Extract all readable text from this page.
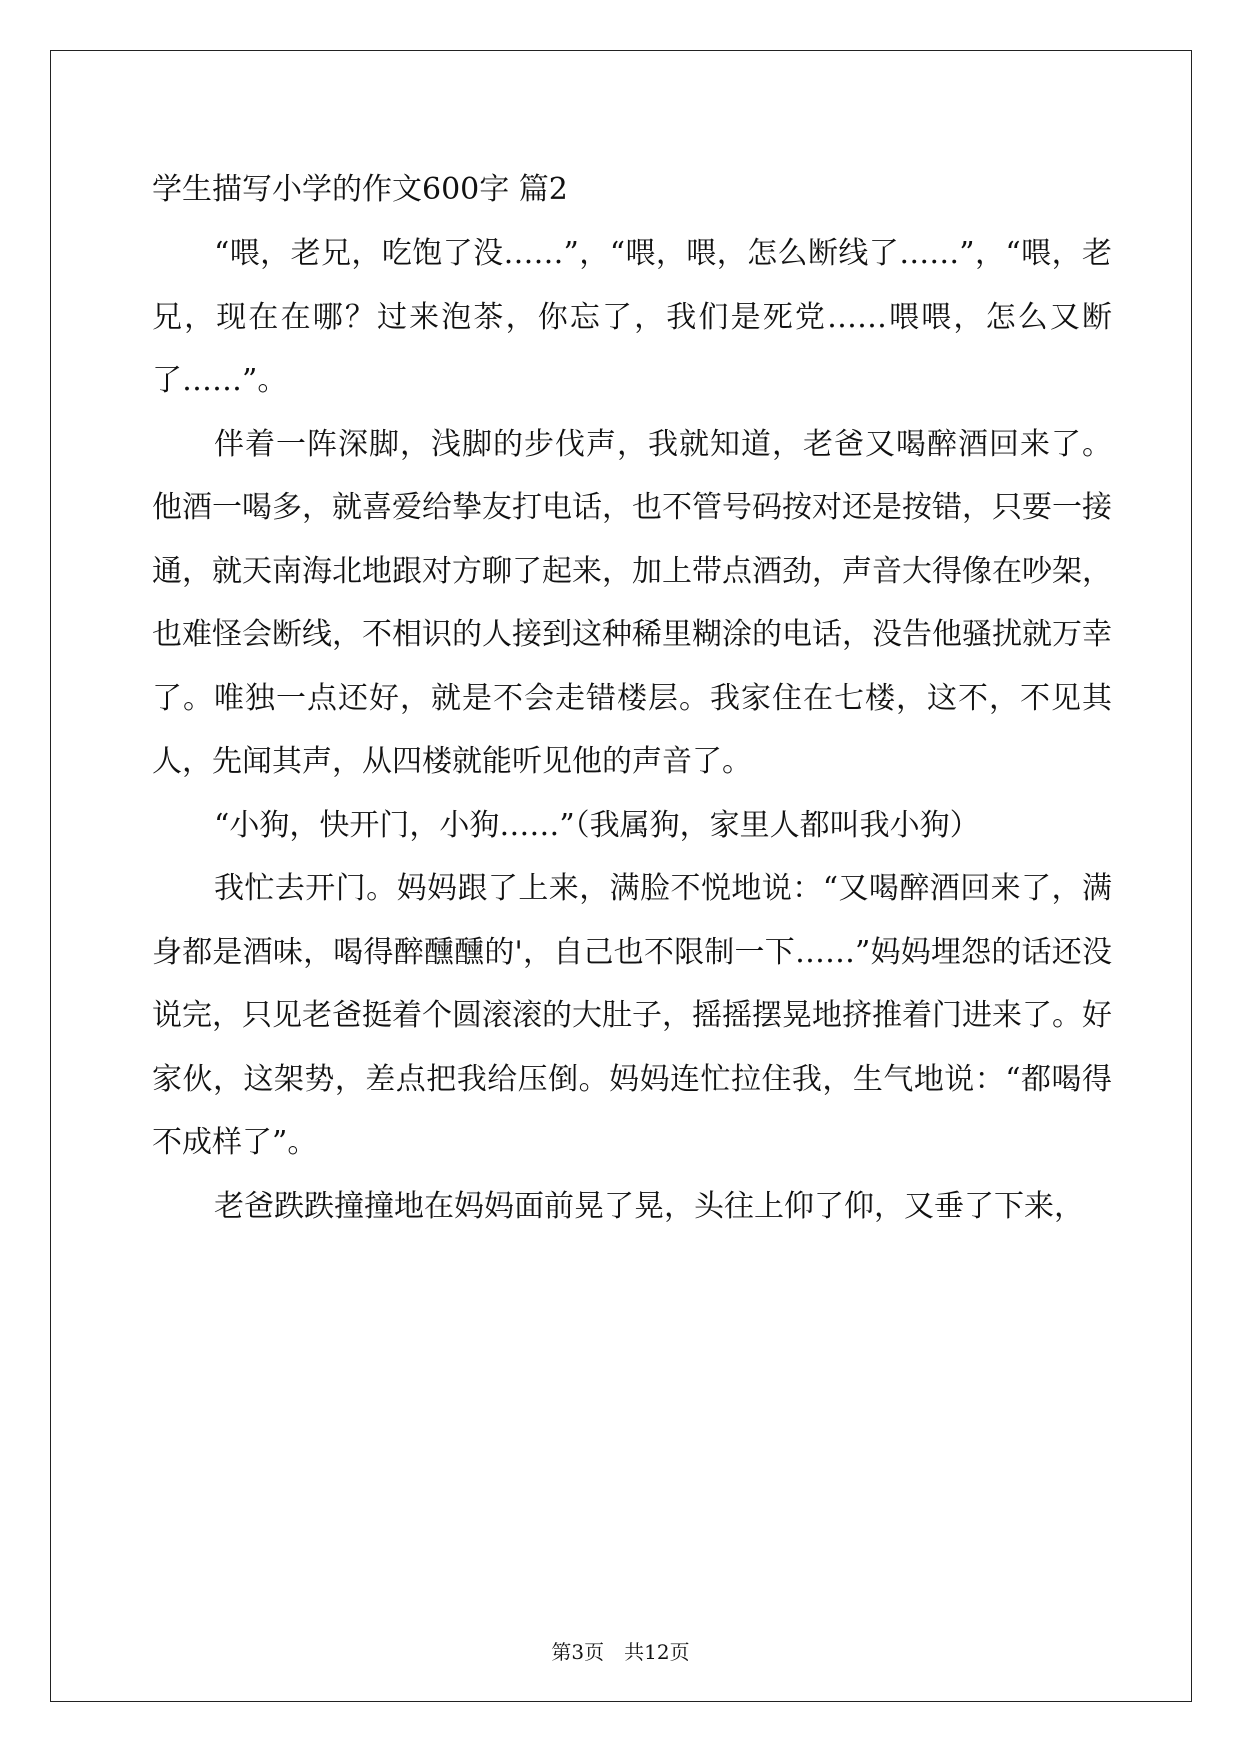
学生描写小学的作文600字 篇2

“喂，老兄，吃饱了没……”，“喂，喂，怎么断线了……”，“喂，老兄，现在在哪？过来泡茶，你忘了，我们是死党……喂喂，怎么又断了……”。

伴着一阵深脚，浅脚的步伐声，我就知道，老爸又喝醉酒回来了。他酒一喝多，就喜爱给挚友打电话，也不管号码按对还是按错，只要一接通，就天南海北地跟对方聊了起来，加上带点酒劲，声音大得像在吵架，也难怪会断线，不相识的人接到这种稀里糊涂的电话，没告他骚扰就万幸了。唯独一点还好，就是不会走错楼层。我家住在七楼，这不，不见其人，先闻其声，从四楼就能听见他的声音了。

“小狗，快开门，小狗……”（我属狗，家里人都叫我小狗）

我忙去开门。妈妈跟了上来，满脸不悦地说：“又喝醉酒回来了，满身都是酒味，喝得醉醺醺的'，自己也不限制一下……”妈妈埋怨的话还没说完，只见老爸挺着个圆滚滚的大肚子，摇摇摆晃地挤推着门进来了。好家伙，这架势，差点把我给压倒。妈妈连忙拉住我，生气地说：“都喝得不成样了”。

老爸跌跌撞撞地在妈妈面前晃了晃，头往上仰了仰，又垂了下来，

第3页　共12页
